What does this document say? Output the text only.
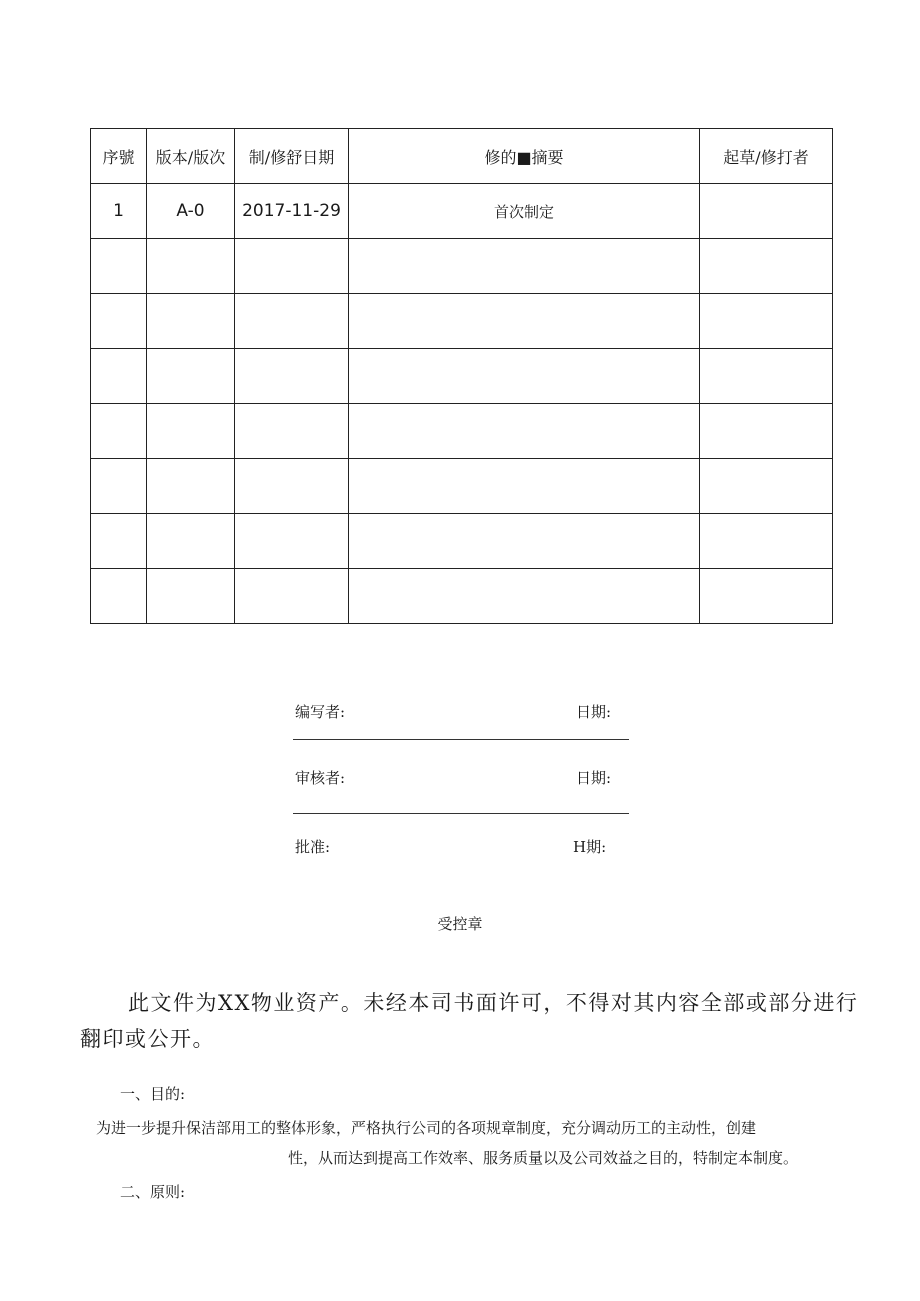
序號	版本/版次	制/修舒日期	修的■摘要	起草/修打者
1	A-0	2017-11-29	首次制定	

编写者:	日期:
审核者:	日期:
批准:	H期:
受控章
此文件为XX物业资产。未经本司书面许可，不得对其内容全部或部分进行翻印或公开。
一、目的:
为进一步提升保洁部用工的整体形象，严格执行公司的各项规章制度，充分调动历工的主动性，创建
性，从而达到提高工作效率、服务质量以及公司效益之目的，特制定本制度。
二、原则:
